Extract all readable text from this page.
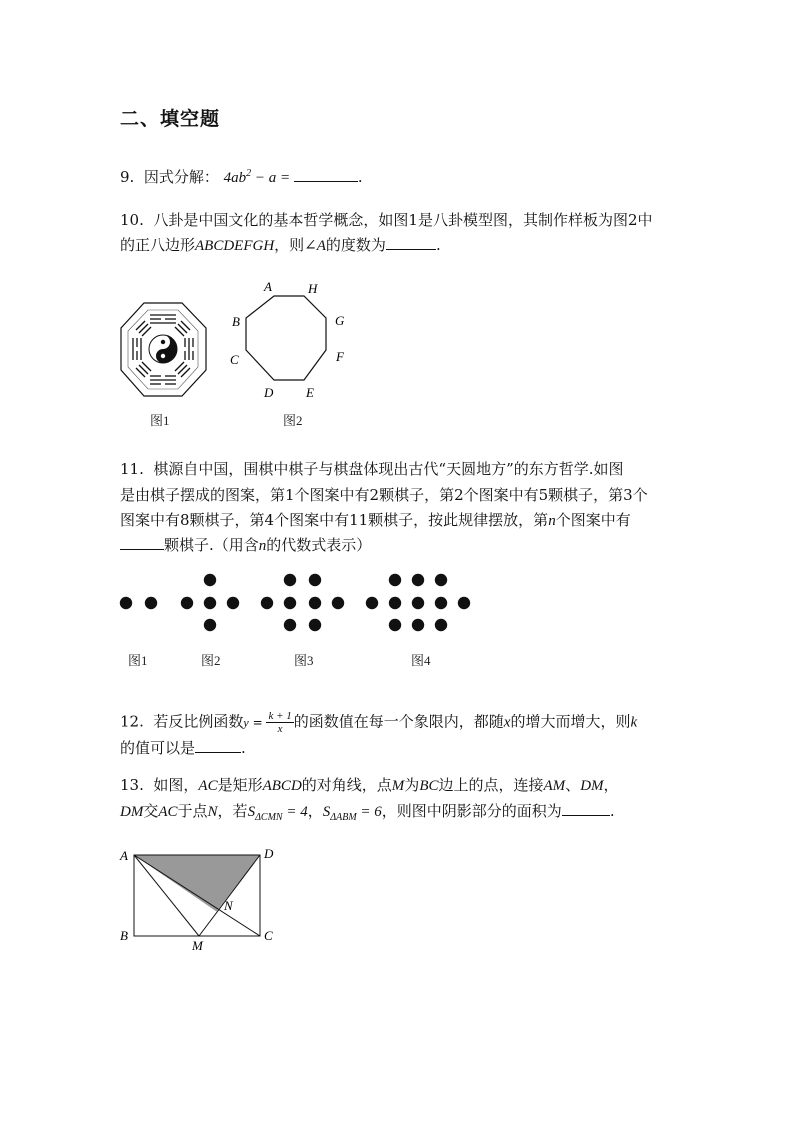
二、填空题
9. 因式分解： $4ab^2 - a$ =	.
10. 八卦是中国文化的基本哲学概念，如图1是八卦模型图，其制作样板为图2中
的正八边形ABCDEFGH，则∠A的度数为	.
图1
A	H
G
F
E
D
C
B
图2
11. 棋源自中国，围棋中棋子与棋盘体现出古代“天圆地方”的东方哲学.如图
是由棋子摆成的图案，第1个图案中有2颗棋子，第2个图案中有5颗棋子，第3个
图案中有8颗棋子，第4个图案中有11颗棋子，按此规律摆放，第n个图案中有
颗棋子.（用含n的代数式表示）
图1	图2	图3	图4
12. 若反比例函数$y = \frac{k + 1}{x}$ 的函数值在每一个象限内，都随x的增大而增大，则k
的值可以是	.
13. 如图，AC是矩形ABCD的对角线，点M为BC边上的点，连接AM、DM，
DM交AC于点N，若$S_{\Delta CMN} = 4$，$S_{\Delta ABM} = 6$，则图中阴影部分的面积为	.
A	D
B
M
C
N
